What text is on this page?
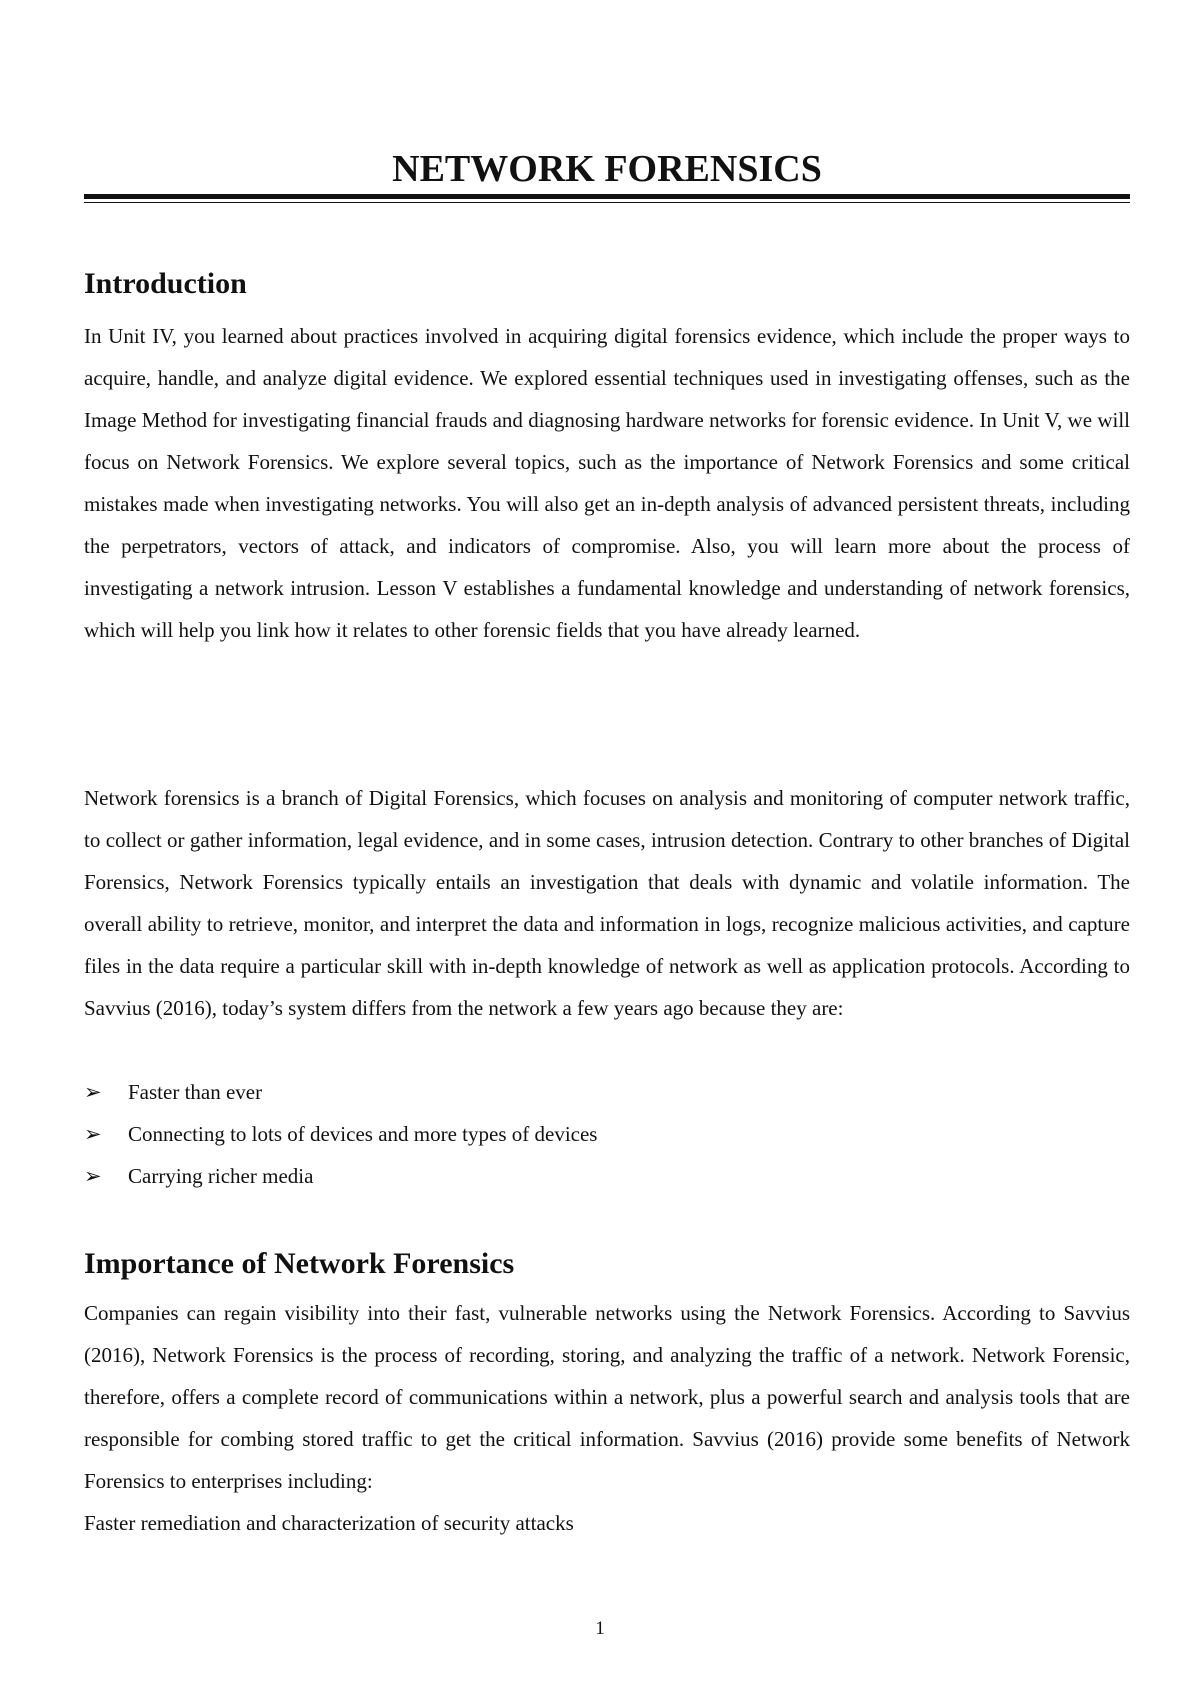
NETWORK FORENSICS
Introduction

In Unit IV, you learned about practices involved in acquiring digital forensics evidence, which include the proper ways to acquire, handle, and analyze digital evidence. We explored essential techniques used in investigating offenses, such as the Image Method for investigating financial frauds and diagnosing hardware networks for forensic evidence. In Unit V, we will focus on Network Forensics. We explore several topics, such as the importance of Network Forensics and some critical mistakes made when investigating networks. You will also get an in-depth analysis of advanced persistent threats, including the perpetrators, vectors of attack, and indicators of compromise. Also, you will learn more about the process of investigating a network intrusion. Lesson V establishes a fundamental knowledge and understanding of network forensics, which will help you link how it relates to other forensic fields that you have already learned.

Network forensics is a branch of Digital Forensics, which focuses on analysis and monitoring of computer network traffic, to collect or gather information, legal evidence, and in some cases, intrusion detection. Contrary to other branches of Digital Forensics, Network Forensics typically entails an investigation that deals with dynamic and volatile information. The overall ability to retrieve, monitor, and interpret the data and information in logs, recognize malicious activities, and capture files in the data require a particular skill with in-depth knowledge of network as well as application protocols. According to Savvius (2016), today’s system differs from the network a few years ago because they are:

➢	Faster than ever
➢	Connecting to lots of devices and more types of devices
➢	Carrying richer media
Importance of Network Forensics

Companies can regain visibility into their fast, vulnerable networks using the Network Forensics. According to Savvius (2016), Network Forensics is the process of recording, storing, and analyzing the traffic of a network. Network Forensic, therefore, offers a complete record of communications within a network, plus a powerful search and analysis tools that are responsible for combing stored traffic to get the critical information. Savvius (2016) provide some benefits of Network Forensics to enterprises including:

Faster remediation and characterization of security attacks

1
